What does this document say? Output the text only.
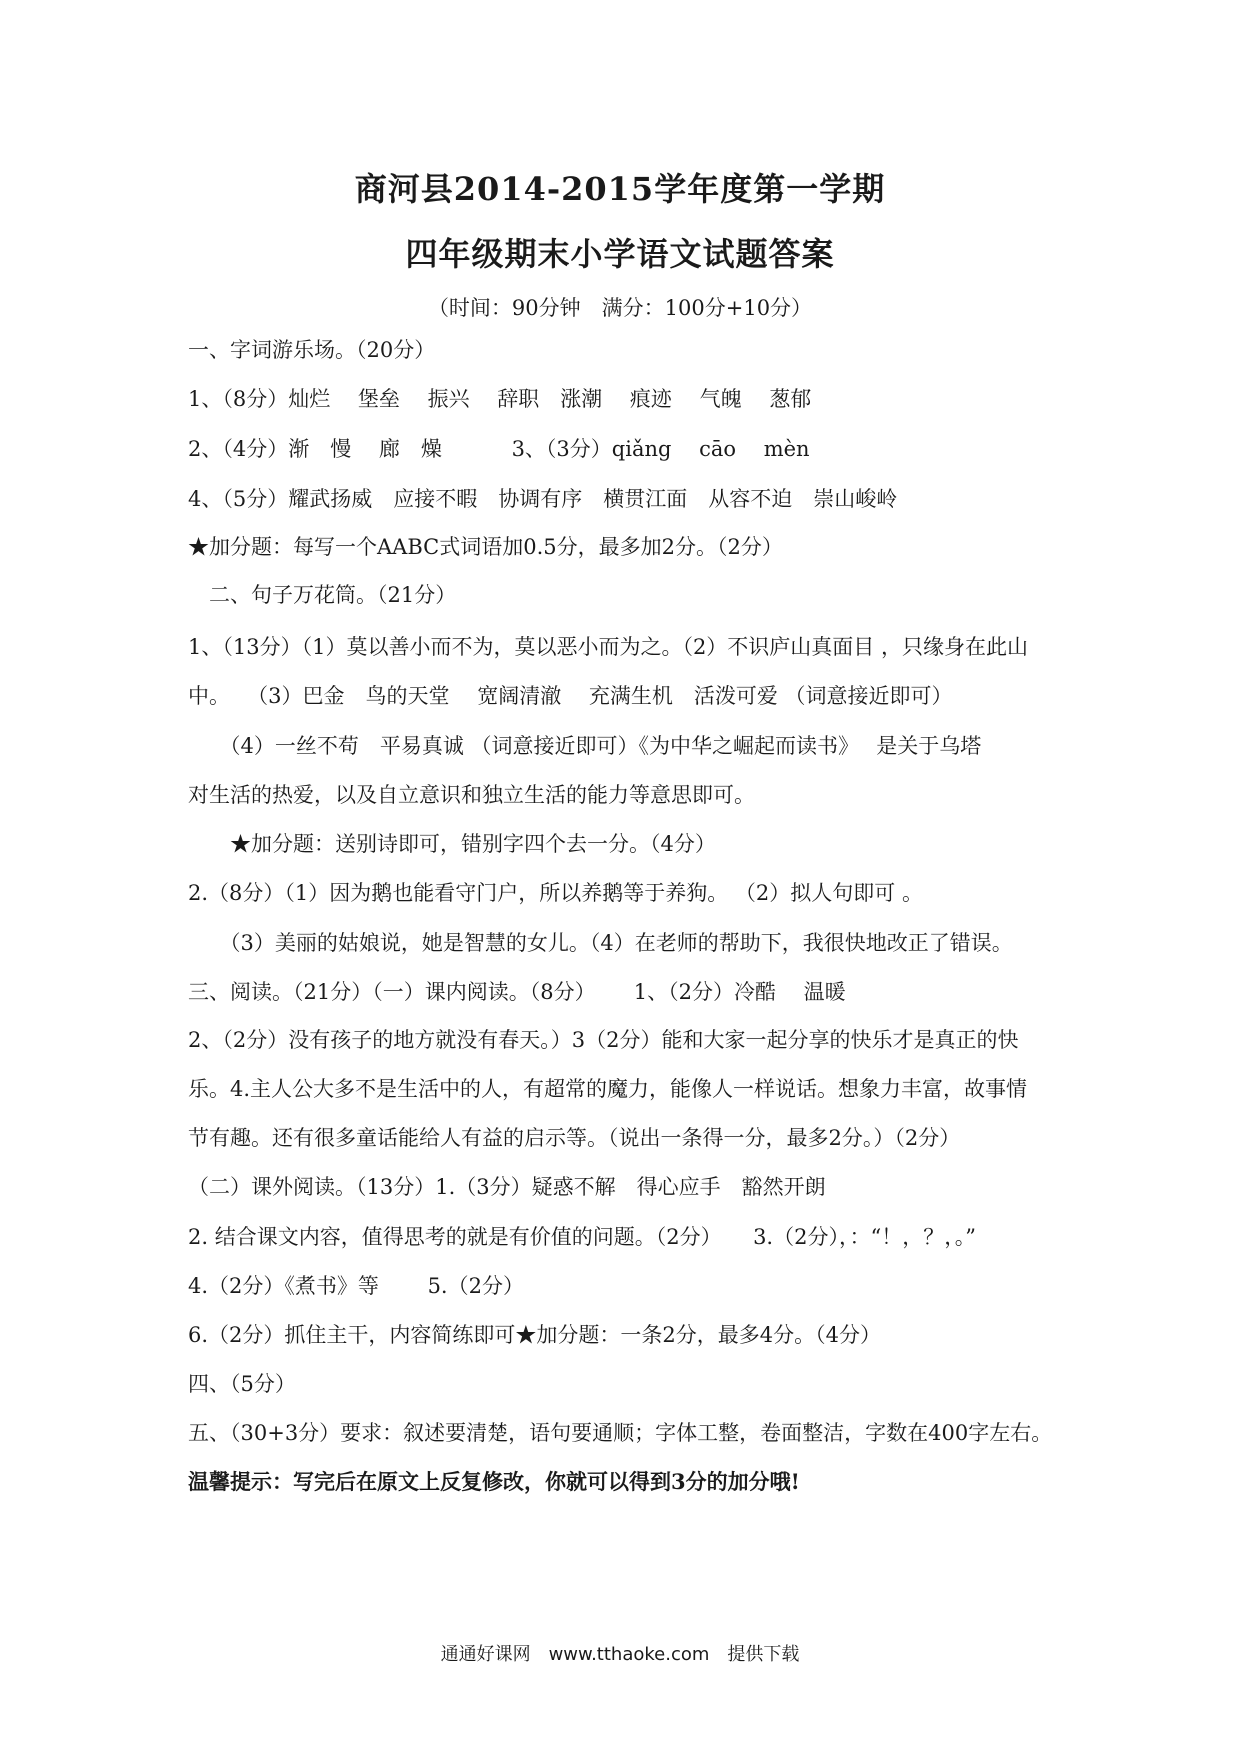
商河县2014-2015学年度第一学期
四年级期末小学语文试题答案
（时间：90分钟　满分：100分+10分）
一、字词游乐场。（20分）
1、（8分）灿烂　 堡垒　 振兴　 辞职　涨潮　 痕迹　 气魄　 葱郁
2、（4分）渐　慢　 廊　燥　　　 3、（3分）qiǎng　 cāo　 mèn
4、（5分）耀武扬威　应接不暇　协调有序　横贯江面　从容不迫　崇山峻岭
★加分题：每写一个AABC式词语加0.5分，最多加2分。（2分）
　二、句子万花筒。（21分）
1、（13分）（1）莫以善小而不为，莫以恶小而为之。（2）不识庐山真面目 ，只缘身在此山
中。　 （3）巴金　鸟的天堂　 宽阔清澈　 充满生机　活泼可爱 （词意接近即可）
　　（4）一丝不苟　平易真诚 （词意接近即可）《为中华之崛起而读书》　 是关于乌塔
对生活的热爱，以及自立意识和独立生活的能力等意思即可。
　　★加分题：送别诗即可，错别字四个去一分。（4分）
2.（8分）（1）因为鹅也能看守门户，所以养鹅等于养狗。 （2）拟人句即可 。
　　（3）美丽的姑娘说，她是智慧的女儿。（4）在老师的帮助下，我很快地改正了错误。
三、阅读。（21分）（一）课内阅读。（8分）　　 1、（2分）冷酷　 温暖
2、（2分）没有孩子的地方就没有春天。）3（2分）能和大家一起分享的快乐才是真正的快
乐。4.主人公大多不是生活中的人，有超常的魔力，能像人一样说话。想象力丰富，故事情
节有趣。还有很多童话能给人有益的启示等。（说出一条得一分，最多2分。）（2分）
（二）课外阅读。（13分）1.（3分）疑惑不解　得心应手　豁然开朗
2. 结合课文内容，值得思考的就是有价值的问题。（2分）　　3.（2分），：“！，？，。”
4.（2分）《煮书》等　　 5.（2分）
6.（2分）抓住主干，内容简练即可★加分题：一条2分，最多4分。（4分）
四、（5分）
五、（30+3分）要求：叙述要清楚，语句要通顺；字体工整，卷面整洁，字数在400字左右。
温馨提示：写完后在原文上反复修改，你就可以得到3分的加分哦!
通通好课网　www.tthaoke.com　提供下载
